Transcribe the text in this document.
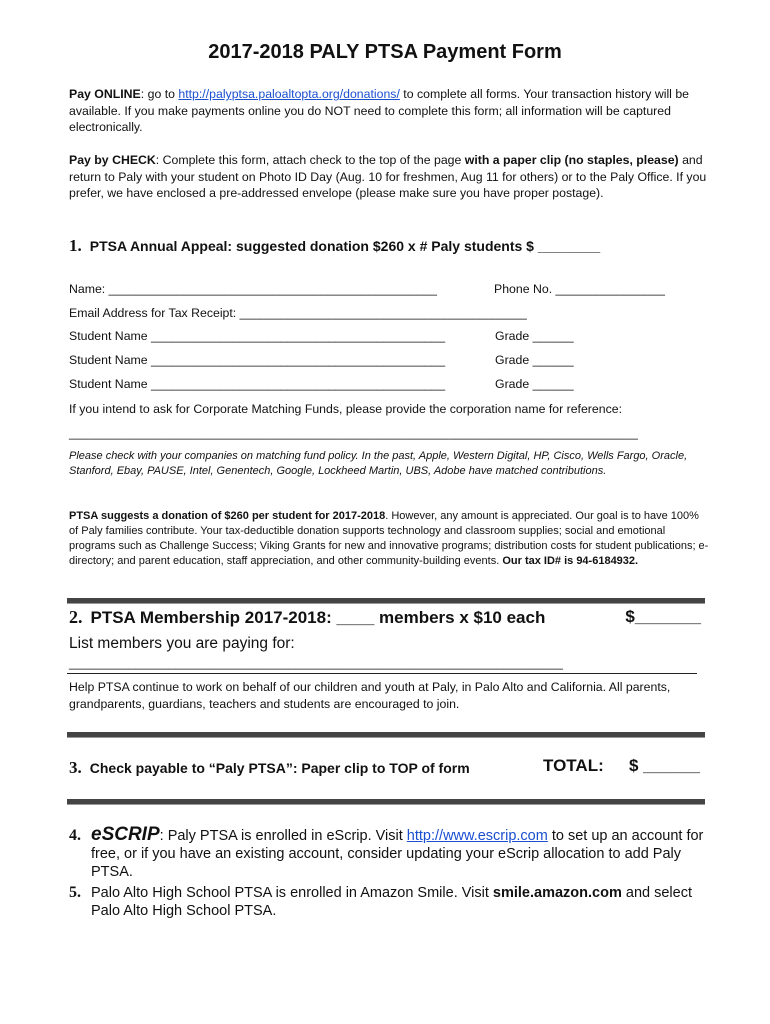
2017-2018 PALY PTSA Payment Form
Pay ONLINE: go to http://palyptsa.paloaltopta.org/donations/ to complete all forms. Your transaction history will be available. If you make payments online you do NOT need to complete this form; all information will be captured electronically.
Pay by CHECK: Complete this form, attach check to the top of the page with a paper clip (no staples, please) and return to Paly with your student on Photo ID Day (Aug. 10 for freshmen, Aug 11 for others) or to the Paly Office. If you prefer, we have enclosed a pre-addressed envelope (please make sure you have proper postage).
1. PTSA Annual Appeal: suggested donation $260 x # Paly students $ ________
Name: ________________________________________________	Phone No. ________________
Email Address for Tax Receipt: __________________________________________
Student Name ___________________________________________	Grade ______
Student Name ___________________________________________	Grade ______
Student Name ___________________________________________	Grade ______
If you intend to ask for Corporate Matching Funds, please provide the corporation name for reference:
____________________________________________________________________________________
Please check with your companies on matching fund policy. In the past, Apple, Western Digital, HP, Cisco, Wells Fargo, Oracle, Stanford, Ebay, PAUSE, Intel, Genentech, Google, Lockheed Martin, UBS, Adobe have matched contributions.
PTSA suggests a donation of $260 per student for 2017-2018. However, any amount is appreciated. Our goal is to have 100% of Paly families contribute. Your tax-deductible donation supports technology and classroom supplies; social and emotional programs such as Challenge Success; Viking Grants for new and innovative programs; distribution costs for student publications; e-directory; and parent education, staff appreciation, and other community-building events. Our tax ID# is 94-6184932.
2. PTSA Membership 2017-2018: ____ members x $10 each	$_______
List members you are paying for:
__________________________________________________________________________
Help PTSA continue to work on behalf of our children and youth at Paly, in Palo Alto and California. All parents, grandparents, guardians, teachers and students are encouraged to join.
3. Check payable to “Paly PTSA”: Paper clip to TOP of form	TOTAL: $ ______
4. eSCRIP: Paly PTSA is enrolled in eScrip. Visit http://www.escrip.com to set up an account for free, or if you have an existing account, consider updating your eScrip allocation to add Paly PTSA.
5. Palo Alto High School PTSA is enrolled in Amazon Smile. Visit smile.amazon.com and select Palo Alto High School PTSA.
